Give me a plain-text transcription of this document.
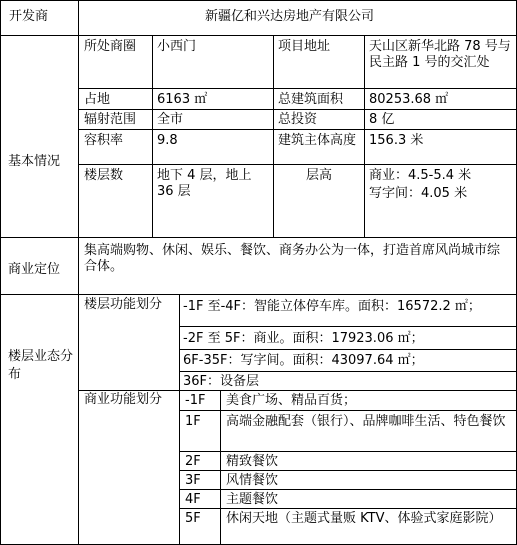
开发商	新疆亿和兴达房地产有限公司
基本情况
所处商圈 小西门	项目地址	天山区新华北路 78 号与民主路 1 号的交汇处
占地	6163 ㎡	总建筑面积 80253.68 ㎡
辐射范围 全市	总投资	8 亿
容积率	9.8	建筑主体高度 156.3 米
楼层数	地下 4 层，地上 36 层
层高	商业：4.5-5.4 米
写字间：4.05 米
商业定位
集高端购物、休闲、娱乐、餐饮、商务办公为一体，打造首席风尚城市综合体。
楼层业态分布
楼层功能划分 -1F 至-4F：智能立体停车库。面积：16572.2 ㎡；
-2F 至 5F：商业。面积：17923.06 ㎡；
6F-35F：写字间。面积：43097.64 ㎡；
36F：设备层
商业功能划分 -1F 美食广场、精品百货；
1F 高端金融配套（银行）、品牌咖啡生活、特色餐饮
2F 精致餐饮
3F 风情餐饮
4F 主题餐饮
5F 休闲天地（主题式量贩 KTV、体验式家庭影院）
